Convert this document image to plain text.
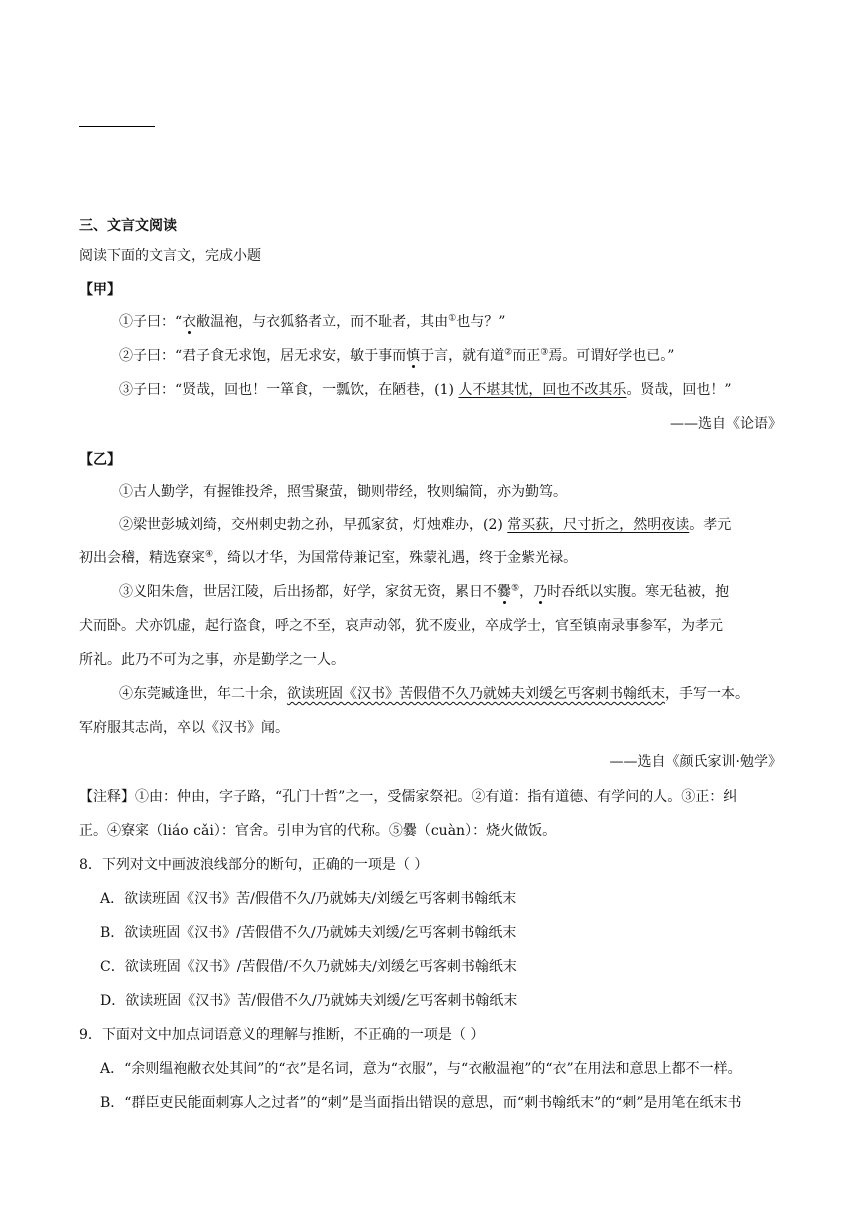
三、文言文阅读
阅读下面的文言文，完成小题
【甲】
①子曰：“衣敝温袍，与衣狐貉者立，而不耻者，其由①也与？”
②子曰：“君子食无求饱，居无求安，敏于事而慎于言，就有道②而正③焉。可谓好学也已。”
③子曰：“贤哉，回也！一箪食，一瓢饮，在陋巷，(1) 人不堪其忧，回也不改其乐。贤哉，回也！”
——选自《论语》
【乙】
①古人勤学，有握锥投斧，照雪聚萤，锄则带经，牧则编简，亦为勤笃。
②梁世彭城刘绮，交州刺史勃之孙，早孤家贫，灯烛难办，(2) 常买荻，尺寸折之，然明夜读。孝元
初出会稽，精选寮寀④，绮以才华，为国常侍兼记室，殊蒙礼遇，终于金紫光禄。
③义阳朱詹，世居江陵，后出扬都，好学，家贫无资，累日不爨⑤，乃时吞纸以实腹。寒无毡被，抱
犬而卧。犬亦饥虚，起行盗食，呼之不至，哀声动邻，犹不废业，卒成学士，官至镇南录事参军，为孝元
所礼。此乃不可为之事，亦是勤学之一人。
④东莞臧逢世，年二十余，欲读班固《汉书》苦假借不久乃就姊夫刘缓乞丐客刺书翰纸末，手写一本。
军府服其志尚，卒以《汉书》闻。
——选自《颜氏家训·勉学》
【注释】①由：仲由，字子路，“孔门十哲”之一，受儒家祭祀。②有道：指有道德、有学问的人。③正：纠
正。④寮寀（liáo cǎi）：官舍。引申为官的代称。⑤爨（cuàn）：烧火做饭。
8．下列对文中画波浪线部分的断句，正确的一项是（ ）
A．欲读班固《汉书》苦/假借不久/乃就姊夫/刘缓乞丐客刺书翰纸末
B．欲读班固《汉书》/苦假借不久/乃就姊夫刘缓/乞丐客刺书翰纸末
C．欲读班固《汉书》/苦假借/不久乃就姊夫/刘缓乞丐客刺书翰纸末
D．欲读班固《汉书》苦/假借不久/乃就姊夫刘缓/乞丐客刺书翰纸末
9．下面对文中加点词语意义的理解与推断，不正确的一项是（ ）
A．“余则缊袍敝衣处其间”的“衣”是名词，意为“衣服”，与“衣敝温袍”的“衣”在用法和意思上都不一样。
B．“群臣吏民能面刺寡人之过者”的“刺”是当面指出错误的意思，而“刺书翰纸末”的“刺”是用笔在纸末书
